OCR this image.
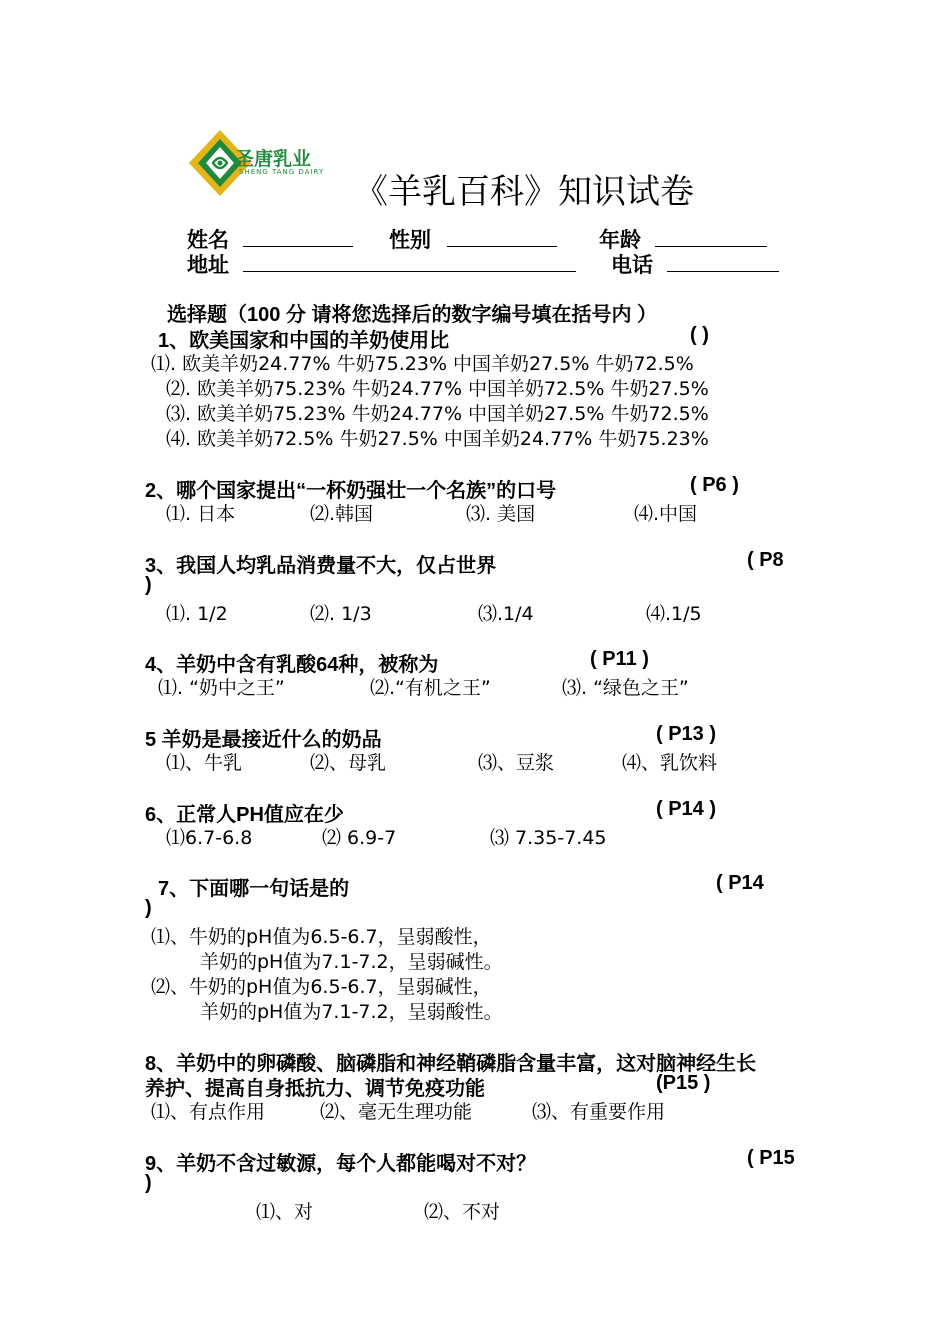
圣唐乳业
SHENG TANG DAIRY 《羊乳百科》知识试卷
姓名	性别	年龄
地址	电话
选择题（100 分 请将您选择后的数字编号填在括号内 ）
1、欧美国家和中国的羊奶使用比	( )
⑴. 欧美羊奶24.77% 牛奶75.23% 中国羊奶27.5% 牛奶72.5%
⑵. 欧美羊奶75.23% 牛奶24.77% 中国羊奶72.5% 牛奶27.5%
⑶. 欧美羊奶75.23% 牛奶24.77% 中国羊奶27.5% 牛奶72.5%
⑷. 欧美羊奶72.5% 牛奶27.5% 中国羊奶24.77% 牛奶75.23%
2、哪个国家提出“一杯奶强壮一个名族”的口号	( P6 )
⑴. 日本	⑵.韩国	⑶. 美国	⑷.中国
3、我国人均乳品消费量不大，仅占世界	( P8
)
⑴. 1/2	⑵. 1/3	⑶.1/4	⑷.1/5
4、羊奶中含有乳酸64种，被称为	( P11 )
⑴. “奶中之王”	⑵.“有机之王”	⑶. “绿色之王”
5 羊奶是最接近什么的奶品	( P13 )
⑴、牛乳	⑵、母乳	⑶、豆浆	⑷、乳饮料
6、正常人PH值应在少	( P14 )
⑴6.7-6.8	⑵ 6.9-7	⑶ 7.35-7.45
7、下面哪一句话是的	( P14
)
⑴、牛奶的pH值为6.5-6.7，呈弱酸性，
羊奶的pH值为7.1-7.2，呈弱碱性。
⑵、牛奶的pH值为6.5-6.7，呈弱碱性，
羊奶的pH值为7.1-7.2，呈弱酸性。
8、羊奶中的卵磷酸、脑磷脂和神经鞘磷脂含量丰富，这对脑神经生长
养护、提高自身抵抗力、调节免疫功能	(P15 )
⑴、有点作用	⑵、毫无生理功能	⑶、有重要作用
9、羊奶不含过敏源，每个人都能喝对不对？	( P15
)
⑴、对	⑵、不对
